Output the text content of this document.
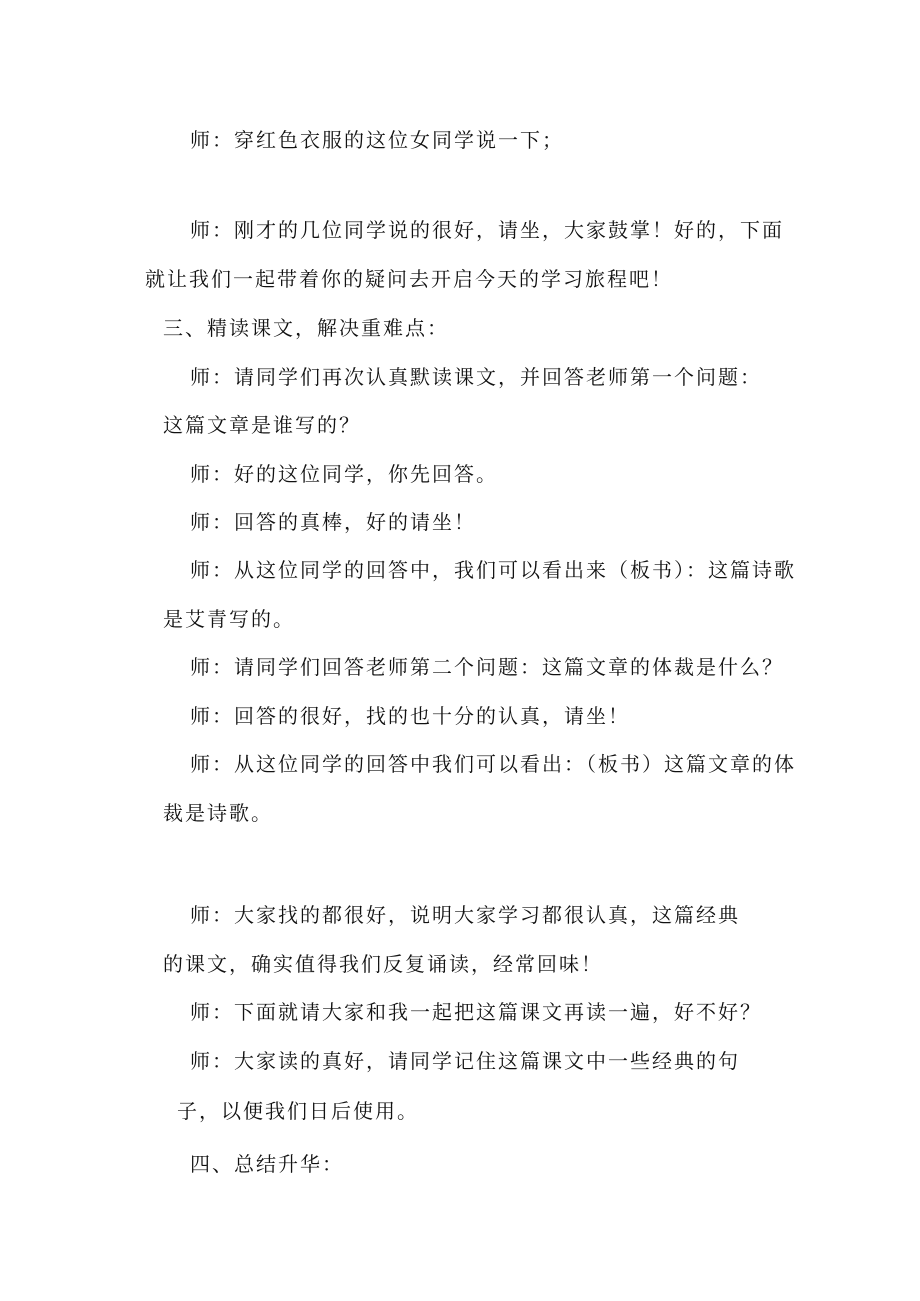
师：穿红色衣服的这位女同学说一下；
师：刚才的几位同学说的很好，请坐，大家鼓掌！好的，下面
就让我们一起带着你的疑问去开启今天的学习旅程吧！
三、精读课文，解决重难点：
师：请同学们再次认真默读课文，并回答老师第一个问题：
这篇文章是谁写的？
师：好的这位同学，你先回答。
师：回答的真棒，好的请坐！
师：从这位同学的回答中，我们可以看出来（板书）：这篇诗歌
是艾青写的。
师：请同学们回答老师第二个问题：这篇文章的体裁是什么？
师：回答的很好，找的也十分的认真，请坐！
师：从这位同学的回答中我们可以看出：（板书）这篇文章的体
裁是诗歌。
师：大家找的都很好，说明大家学习都很认真，这篇经典
的课文，确实值得我们反复诵读，经常回味！
师：下面就请大家和我一起把这篇课文再读一遍，好不好？
师：大家读的真好，请同学记住这篇课文中一些经典的句
子，以便我们日后使用。
四、总结升华：
